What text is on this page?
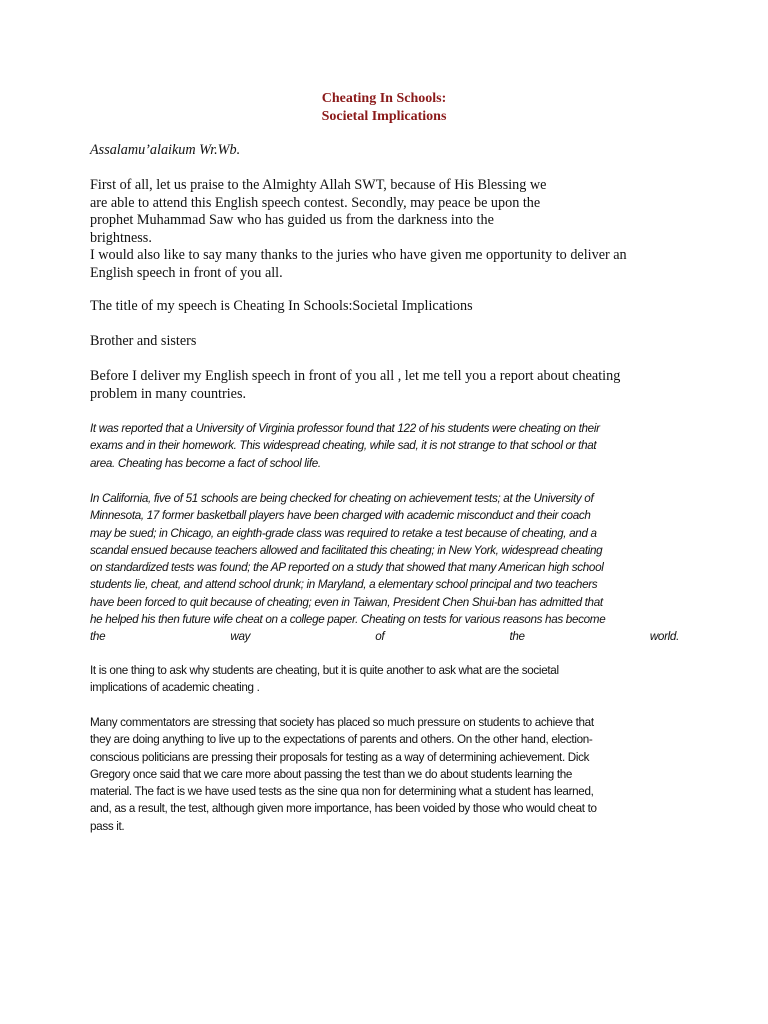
Cheating In Schools:
Societal Implications

Assalamu’alaikum Wr.Wb.

First of all, let us praise to the Almighty Allah SWT, because of His Blessing we
are able to attend this English speech contest. Secondly, may peace be upon the
prophet Muhammad Saw who has guided us from the darkness into the
brightness.
I would also like to say many thanks to the juries who have given me opportunity to deliver an
English speech in front of you all.

The title of my speech is Cheating In Schools:Societal Implications

Brother and sisters

Before I deliver my English speech in front of you all , let me tell you a report about cheating
problem in many countries.
It was reported that a University of Virginia professor found that 122 of his students were cheating on their
exams and in their homework. This widespread cheating, while sad, it is not strange to that school or that
area. Cheating has become a fact of school life.
In California, five of 51 schools are being checked for cheating on achievement tests; at the University of
Minnesota, 17 former basketball players have been charged with academic misconduct and their coach
may be sued; in Chicago, an eighth-grade class was required to retake a test because of cheating, and a
scandal ensued because teachers allowed and facilitated this cheating; in New York, widespread cheating
on standardized tests was found; the AP reported on a study that showed that many American high school
students lie, cheat, and attend school drunk; in Maryland, a elementary school principal and two teachers
have been forced to quit because of cheating; even in Taiwan, President Chen Shui-ban has admitted that
he helped his then future wife cheat on a college paper. Cheating on tests for various reasons has become
the	way	of	the	world.
It is one thing to ask why students are cheating, but it is quite another to ask what are the societal
implications of academic cheating .
Many commentators are stressing that society has placed so much pressure on students to achieve that
they are doing anything to live up to the expectations of parents and others. On the other hand, election-
conscious politicians are pressing their proposals for testing as a way of determining achievement. Dick
Gregory once said that we care more about passing the test than we do about students learning the
material. The fact is we have used tests as the sine qua non for determining what a student has learned,
and, as a result, the test, although given more importance, has been voided by those who would cheat to
pass it.
